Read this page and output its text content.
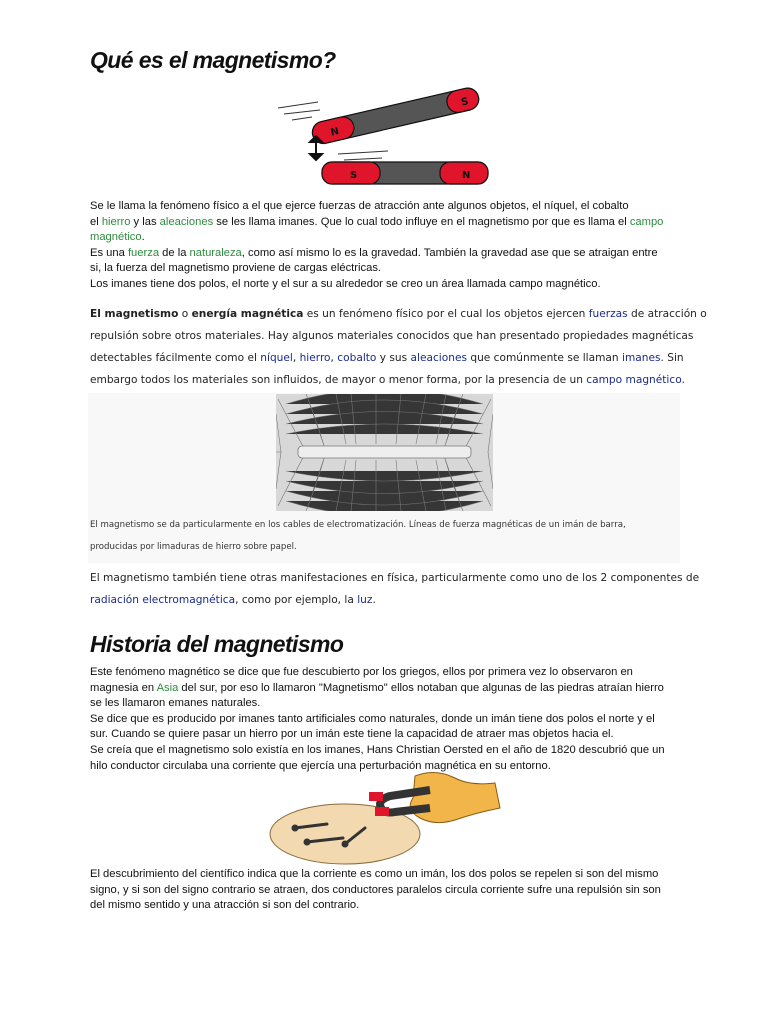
Qué es el magnetismo?
N
S
S	N
Se le llama la fenómeno físico a el que ejerce fuerzas de atracción ante algunos objetos, el níquel, el cobalto
el hierro y las aleaciones se les llama imanes. Que lo cual todo influye en el magnetismo por que es llama el campo
magnético.
Es una fuerza de la naturaleza, como así mismo lo es la gravedad. También la gravedad ase que se atraigan entre
si, la fuerza del magnetismo proviene de cargas eléctricas.
Los imanes tiene dos polos, el norte y el sur a su alrededor se creo un área llamada campo magnético.
El magnetismo o energía magnética es un fenómeno físico por el cual los objetos ejercen fuerzas de atracción o
repulsión sobre otros materiales. Hay algunos materiales conocidos que han presentado propiedades magnéticas
detectables fácilmente como el níquel, hierro, cobalto y sus aleaciones que comúnmente se llaman imanes. Sin
embargo todos los materiales son influidos, de mayor o menor forma, por la presencia de un campo magnético.
El magnetismo se da particularmente en los cables de electromatización. Líneas de fuerza magnéticas de un imán de barra,
producidas por limaduras de hierro sobre papel.
El magnetismo también tiene otras manifestaciones en física, particularmente como uno de los 2 componentes de
radiación electromagnética, como por ejemplo, la luz.
Historia del magnetismo
Este fenómeno magnético se dice que fue descubierto por los griegos, ellos por primera vez lo observaron en
magnesia en Asia del sur, por eso lo llamaron "Magnetismo" ellos notaban que algunas de las piedras atraían hierro
se les llamaron emanes naturales.
Se dice que es producido por imanes tanto artificiales como naturales, donde un imán tiene dos polos el norte y el
sur. Cuando se quiere pasar un hierro por un imán este tiene la capacidad de atraer mas objetos hacia el.
Se creía que el magnetismo solo existía en los imanes, Hans Christian Oersted en el año de 1820 descubrió que un
hilo conductor circulaba una corriente que ejercía una perturbación magnética en su entorno.
El descubrimiento del científico indica que la corriente es como un imán, los dos polos se repelen si son del mismo
signo, y si son del signo contrario se atraen, dos conductores paralelos circula corriente sufre una repulsión sin son
del mismo sentido y una atracción si son del contrario.
